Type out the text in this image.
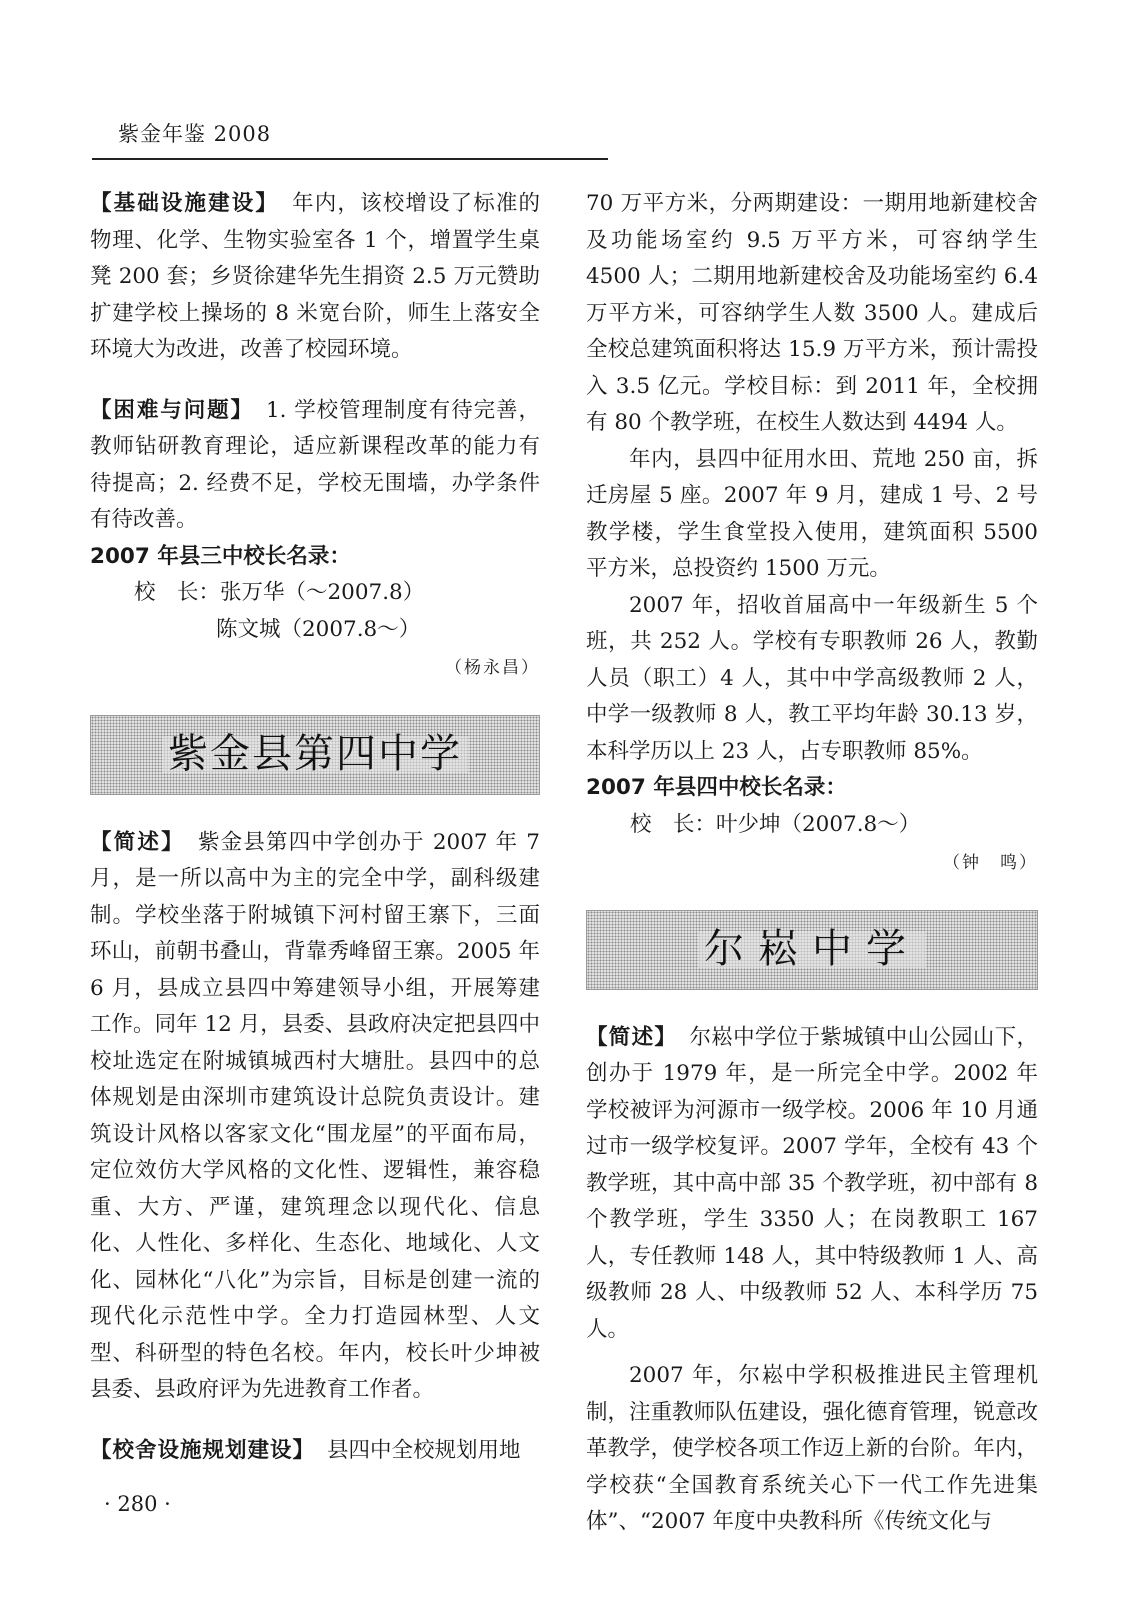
紫金年鉴 2008

【基础设施建设】 年内，该校增设了标准的物理、化学、生物实验室各 1 个，增置学生桌凳 200 套；乡贤徐建华先生捐资 2.5 万元赞助扩建学校上操场的 8 米宽台阶，师生上落安全环境大为改进，改善了校园环境。

【困难与问题】 1. 学校管理制度有待完善，教师钻研教育理论，适应新课程改革的能力有待提高；2. 经费不足，学校无围墙，办学条件有待改善。

2007 年县三中校长名录：

校　长：张万华（～2007.8）

陈文城（2007.8～）

（杨永昌）

紫金县第四中学

【简述】 紫金县第四中学创办于 2007 年 7 月，是一所以高中为主的完全中学，副科级建制。学校坐落于附城镇下河村留王寨下，三面环山，前朝书叠山，背靠秀峰留王寨。2005 年 6 月，县成立县四中筹建领导小组，开展筹建工作。同年 12 月，县委、县政府决定把县四中校址选定在附城镇城西村大塘肚。县四中的总体规划是由深圳市建筑设计总院负责设计。建筑设计风格以客家文化“围龙屋”的平面布局，定位效仿大学风格的文化性、逻辑性，兼容稳重、大方、严谨，建筑理念以现代化、信息化、人性化、多样化、生态化、地域化、人文化、园林化“八化”为宗旨，目标是创建一流的现代化示范性中学。全力打造园林型、人文型、科研型的特色名校。年内，校长叶少坤被县委、县政府评为先进教育工作者。

【校舍设施规划建设】 县四中全校规划用地

70 万平方米，分两期建设：一期用地新建校舍及功能场室约 9.5 万平方米，可容纳学生 4500 人；二期用地新建校舍及功能场室约 6.4 万平方米，可容纳学生人数 3500 人。建成后全校总建筑面积将达 15.9 万平方米，预计需投入 3.5 亿元。学校目标：到 2011 年，全校拥有 80 个教学班，在校生人数达到 4494 人。

年内，县四中征用水田、荒地 250 亩，拆迁房屋 5 座。2007 年 9 月，建成 1 号、2 号教学楼，学生食堂投入使用，建筑面积 5500 平方米，总投资约 1500 万元。

2007 年，招收首届高中一年级新生 5 个班，共 252 人。学校有专职教师 26 人，教勤人员（职工）4 人，其中中学高级教师 2 人，中学一级教师 8 人，教工平均年龄 30.13 岁，本科学历以上 23 人，占专职教师 85%。

2007 年县四中校长名录：

校　长：叶少坤（2007.8～）

（钟　鸣）

尔崧中学

【简述】 尔崧中学位于紫城镇中山公园山下，创办于 1979 年，是一所完全中学。2002 年学校被评为河源市一级学校。2006 年 10 月通过市一级学校复评。2007 学年，全校有 43 个教学班，其中高中部 35 个教学班，初中部有 8 个教学班，学生 3350 人；在岗教职工 167 人，专任教师 148 人，其中特级教师 1 人、高级教师 28 人、中级教师 52 人、本科学历 75 人。

2007 年，尔崧中学积极推进民主管理机制，注重教师队伍建设，强化德育管理，锐意改革教学，使学校各项工作迈上新的台阶。年内，学校获“全国教育系统关心下一代工作先进集体”、“2007 年度中央教科所《传统文化与

· 280 ·
